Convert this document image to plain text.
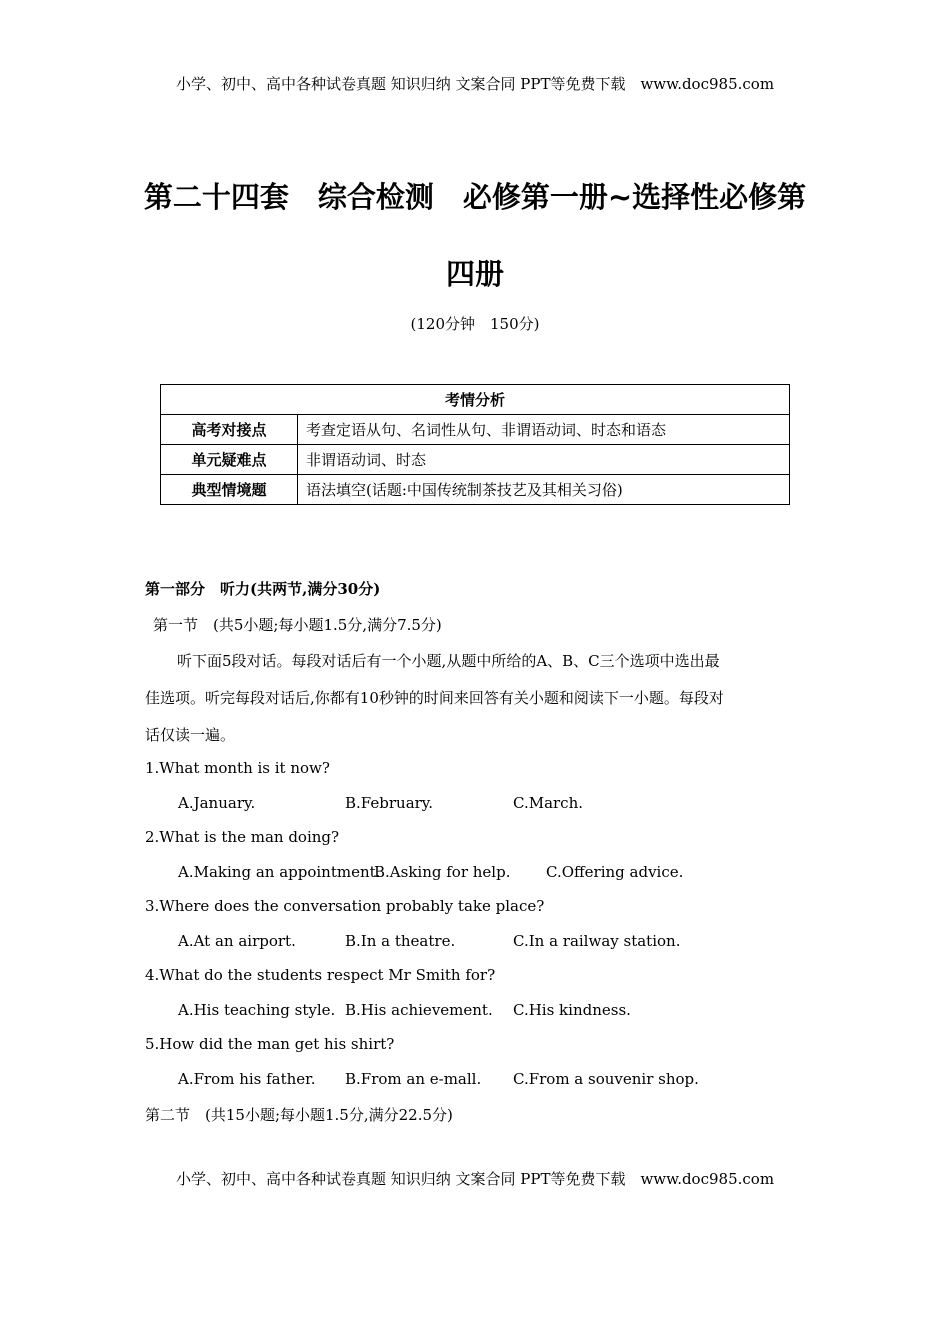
小学、初中、高中各种试卷真题 知识归纳 文案合同 PPT等免费下载　www.doc985.com
第二十四套　综合检测　必修第一册~选择性必修第
四册
(120分钟　150分)
考情分析	
高考对接点	考查定语从句、名词性从句、非谓语动词、时态和语态
单元疑难点	非谓语动词、时态
典型情境题	语法填空(话题:中国传统制茶技艺及其相关习俗)
第一部分　听力(共两节,满分30分)
第一节　(共5小题;每小题1.5分,满分7.5分)
听下面5段对话。每段对话后有一个小题,从题中所给的A、B、C三个选项中选出最
佳选项。听完每段对话后,你都有10秒钟的时间来回答有关小题和阅读下一小题。每段对
话仅读一遍。
1.What month is it now?
A.January.	B.February.	C.March.
2.What is the man doing?
A.Making an appointment.
B.Asking for help. C.Offering advice.
3.Where does the conversation probably take place?
A.At an airport.	B.In a theatre.	C.In a railway station.
4.What do the students respect Mr Smith for?
A.His teaching style. B.His achievement. C.His kindness.
5.How did the man get his shirt?
A.From his father. B.From an e-mall. C.From a souvenir shop.
第二节　(共15小题;每小题1.5分,满分22.5分)
小学、初中、高中各种试卷真题 知识归纳 文案合同 PPT等免费下载　www.doc985.com
